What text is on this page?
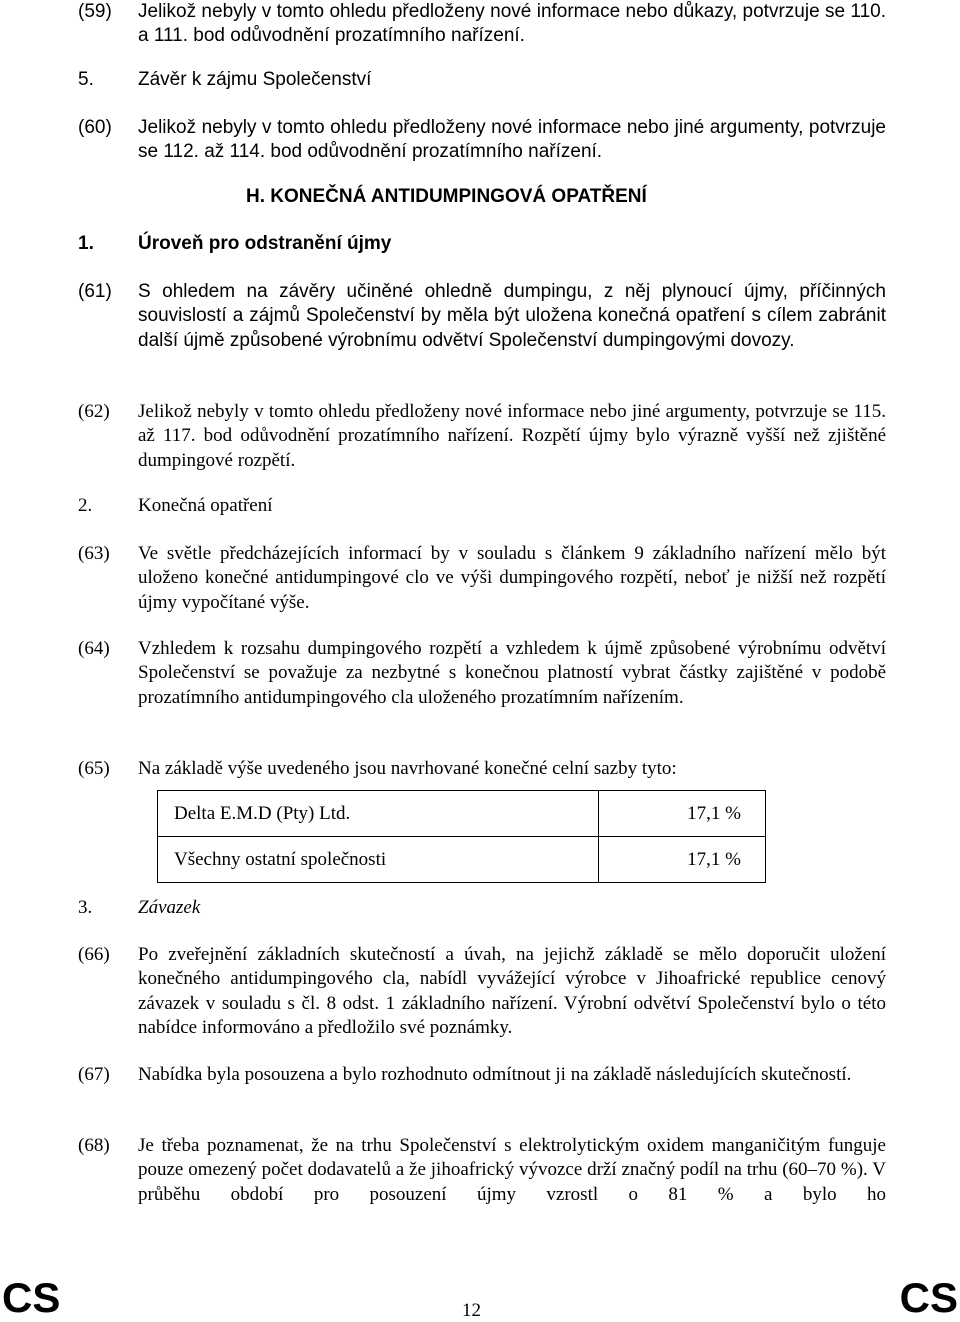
(59) Jelikož nebyly v tomto ohledu předloženy nové informace nebo důkazy, potvrzuje se 110. a 111. bod odůvodnění prozatímního nařízení.
5. Závěr k zájmu Společenství
(60) Jelikož nebyly v tomto ohledu předloženy nové informace nebo jiné argumenty, potvrzuje se 112. až 114. bod odůvodnění prozatímního nařízení.
H. KONEČNÁ ANTIDUMPINGOVÁ OPATŘENÍ
1. Úroveň pro odstranění újmy
(61) S ohledem na závěry učiněné ohledně dumpingu, z něj plynoucí újmy, příčinných souvislostí a zájmů Společenství by měla být uložena konečná opatření s cílem zabránit další újmě způsobené výrobnímu odvětví Společenství dumpingovými dovozy.
(62) Jelikož nebyly v tomto ohledu předloženy nové informace nebo jiné argumenty, potvrzuje se 115. až 117. bod odůvodnění prozatímního nařízení. Rozpětí újmy bylo výrazně vyšší než zjištěné dumpingové rozpětí.
2. Konečná opatření
(63) Ve světle předcházejících informací by v souladu s článkem 9 základního nařízení mělo být uloženo konečné antidumpingové clo ve výši dumpingového rozpětí, neboť je nižší než rozpětí újmy vypočítané výše.
(64) Vzhledem k rozsahu dumpingového rozpětí a vzhledem k újmě způsobené výrobnímu odvětví Společenství se považuje za nezbytné s konečnou platností vybrat částky zajištěné v podobě prozatímního antidumpingového cla uloženého prozatímním nařízením.
(65) Na základě výše uvedeného jsou navrhované konečné celní sazby tyto:
Delta E.M.D (Pty) Ltd.	17,1 %
Všechny ostatní společnosti	17,1 %
3. Závazek
(66) Po zveřejnění základních skutečností a úvah, na jejichž základě se mělo doporučit uložení konečného antidumpingového cla, nabídl vyvážející výrobce v Jihoafrické republice cenový závazek v souladu s čl. 8 odst. 1 základního nařízení. Výrobní odvětví Společenství bylo o této nabídce informováno a předložilo své poznámky.
(67) Nabídka byla posouzena a bylo rozhodnuto odmítnout ji na základě následujících skutečností.
(68) Je třeba poznamenat, že na trhu Společenství s elektrolytickým oxidem manganičitým funguje pouze omezený počet dodavatelů a že jihoafrický vývozce drží značný podíl na trhu (60–70 %). V průběhu období pro posouzení újmy vzrostl o 81 % a bylo ho
CS	12	CS
